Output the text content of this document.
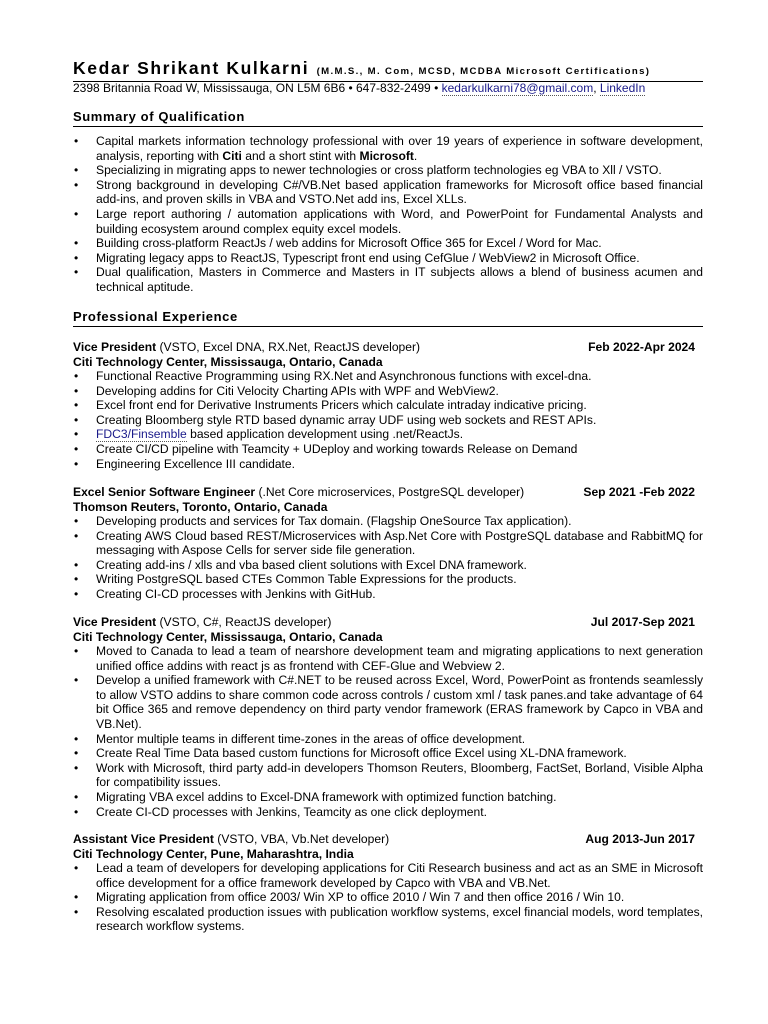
Kedar Shrikant Kulkarni (M.M.S., M. Com, MCSD, MCDBA Microsoft Certifications)
2398 Britannia Road W, Mississauga, ON L5M 6B6 • 647-832-2499 • kedarkulkarni78@gmail.com, LinkedIn
Summary of Qualification
• Capital markets information technology professional with over 19 years of experience in software development, analysis, reporting with Citi and a short stint with Microsoft.
• Specializing in migrating apps to newer technologies or cross platform technologies eg VBA to Xll / VSTO.
• Strong background in developing C#/VB.Net based application frameworks for Microsoft office based financial add-ins, and proven skills in VBA and VSTO.Net add ins, Excel XLLs.
• Large report authoring / automation applications with Word, and PowerPoint for Fundamental Analysts and building ecosystem around complex equity excel models.
• Building cross-platform ReactJs / web addins for Microsoft Office 365 for Excel / Word for Mac.
• Migrating legacy apps to ReactJS, Typescript front end using CefGlue / WebView2 in Microsoft Office.
• Dual qualification, Masters in Commerce and Masters in IT subjects allows a blend of business acumen and technical aptitude.
Professional Experience
Vice President (VSTO, Excel DNA, RX.Net, ReactJS developer)	Feb 2022-Apr 2024
Citi Technology Center, Mississauga, Ontario, Canada
• Functional Reactive Programming using RX.Net and Asynchronous functions with excel-dna.
• Developing addins for Citi Velocity Charting APIs with WPF and WebView2.
• Excel front end for Derivative Instruments Pricers which calculate intraday indicative pricing.
• Creating Bloomberg style RTD based dynamic array UDF using web sockets and REST APIs.
• FDC3/Finsemble based application development using .net/ReactJs.
• Create CI/CD pipeline with Teamcity + UDeploy and working towards Release on Demand
• Engineering Excellence III candidate.
Excel Senior Software Engineer (.Net Core microservices, PostgreSQL developer)	Sep 2021 -Feb 2022
Thomson Reuters, Toronto, Ontario, Canada
• Developing products and services for Tax domain. (Flagship OneSource Tax application).
• Creating AWS Cloud based REST/Microservices with Asp.Net Core with PostgreSQL database and RabbitMQ for messaging with Aspose Cells for server side file generation.
• Creating add-ins / xlls and vba based client solutions with Excel DNA framework.
• Writing PostgreSQL based CTEs Common Table Expressions for the products.
• Creating CI-CD processes with Jenkins with GitHub.
Vice President (VSTO, C#, ReactJS developer)	Jul 2017-Sep 2021
Citi Technology Center, Mississauga, Ontario, Canada
• Moved to Canada to lead a team of nearshore development team and migrating applications to next generation unified office addins with react js as frontend with CEF-Glue and Webview 2.
• Develop a unified framework with C#.NET to be reused across Excel, Word, PowerPoint as frontends seamlessly to allow VSTO addins to share common code across controls / custom xml / task panes.and take advantage of 64 bit Office 365 and remove dependency on third party vendor framework (ERAS framework by Capco in VBA and VB.Net).
• Mentor multiple teams in different time-zones in the areas of office development.
• Create Real Time Data based custom functions for Microsoft office Excel using XL-DNA framework.
• Work with Microsoft, third party add-in developers Thomson Reuters, Bloomberg, FactSet, Borland, Visible Alpha for compatibility issues.
• Migrating VBA excel addins to Excel-DNA framework with optimized function batching.
• Create CI-CD processes with Jenkins, Teamcity as one click deployment.
Assistant Vice President (VSTO, VBA, Vb.Net developer)	Aug 2013-Jun 2017
Citi Technology Center, Pune, Maharashtra, India
• Lead a team of developers for developing applications for Citi Research business and act as an SME in Microsoft office development for a office framework developed by Capco with VBA and VB.Net.
• Migrating application from office 2003/ Win XP to office 2010 / Win 7 and then office 2016 / Win 10.
• Resolving escalated production issues with publication workflow systems, excel financial models, word templates, research workflow systems.
